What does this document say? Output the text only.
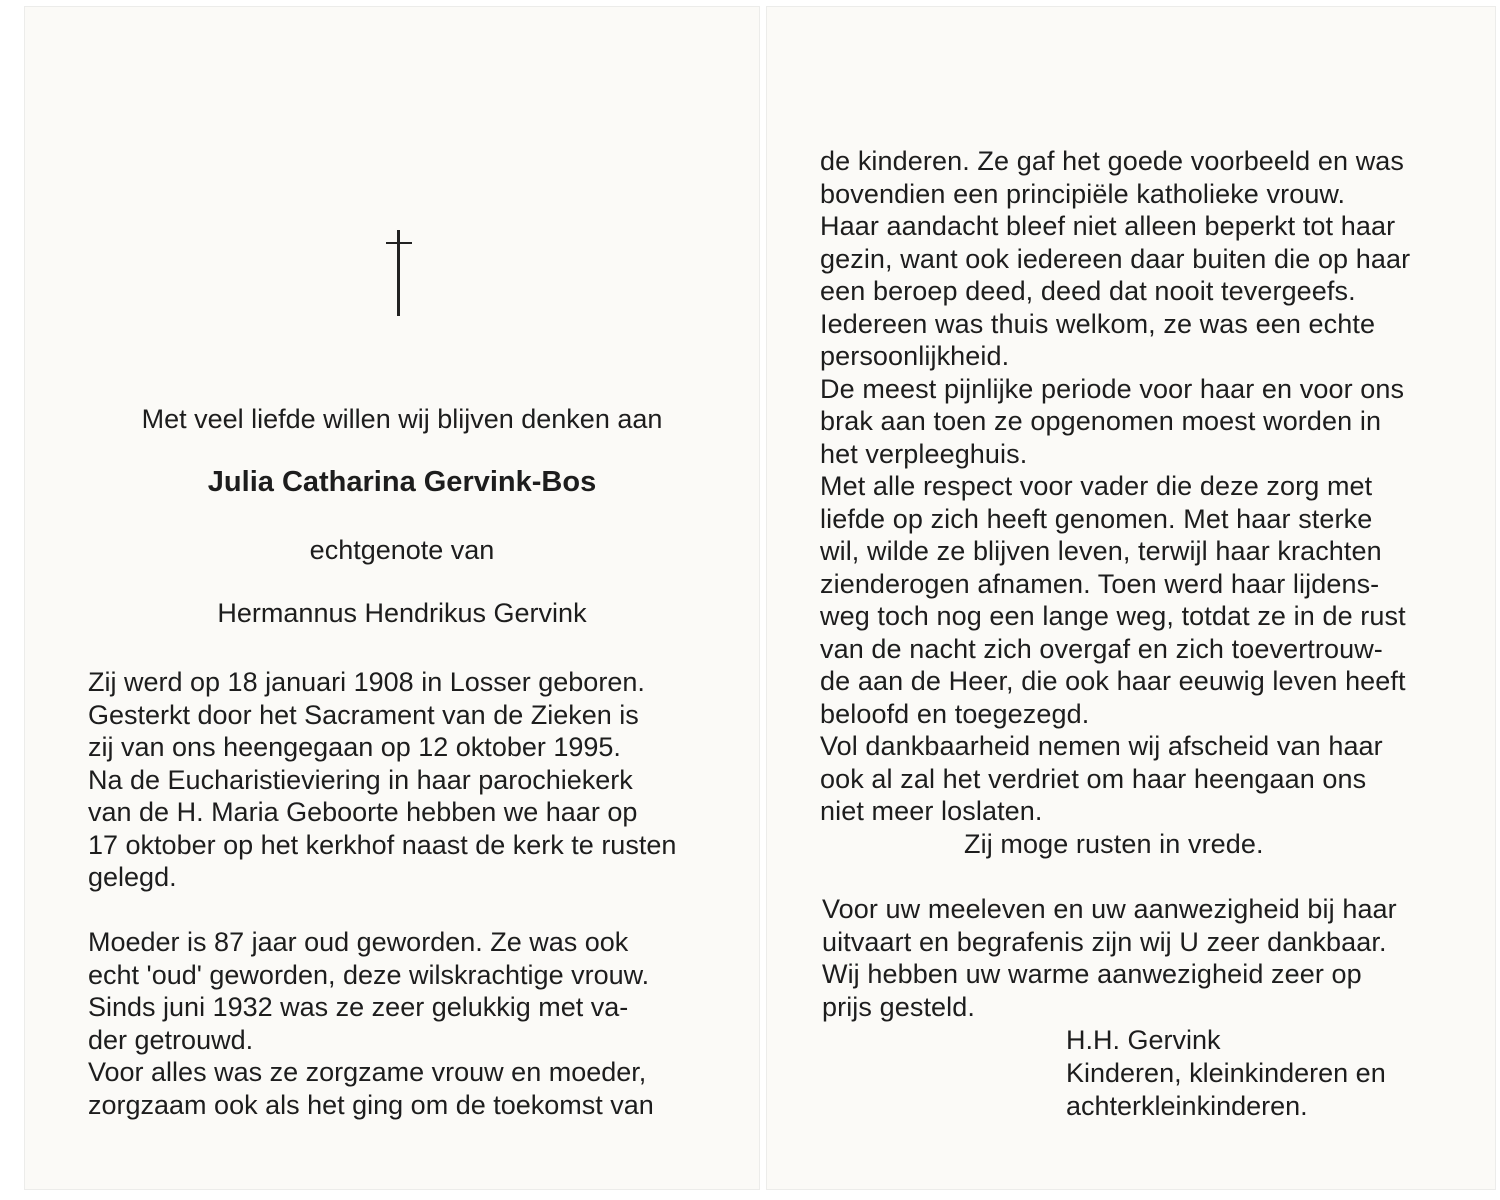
Met veel liefde willen wij blijven denken aan
Julia Catharina Gervink-Bos
echtgenote van
Hermannus Hendrikus Gervink
Zij werd op 18 januari 1908 in Losser geboren.
Gesterkt door het Sacrament van de Zieken is
zij van ons heengegaan op 12 oktober 1995.
Na de Eucharistieviering in haar parochiekerk
van de H. Maria Geboorte hebben we haar op
17 oktober op het kerkhof naast de kerk te rusten
gelegd.
Moeder is 87 jaar oud geworden. Ze was ook
echt 'oud' geworden, deze wilskrachtige vrouw.
Sinds juni 1932 was ze zeer gelukkig met va-
der getrouwd.
Voor alles was ze zorgzame vrouw en moeder,
zorgzaam ook als het ging om de toekomst van
de kinderen. Ze gaf het goede voorbeeld en was
bovendien een principiële katholieke vrouw.
Haar aandacht bleef niet alleen beperkt tot haar
gezin, want ook iedereen daar buiten die op haar
een beroep deed, deed dat nooit tevergeefs.
Iedereen was thuis welkom, ze was een echte
persoonlijkheid.
De meest pijnlijke periode voor haar en voor ons
brak aan toen ze opgenomen moest worden in
het verpleeghuis.
Met alle respect voor vader die deze zorg met
liefde op zich heeft genomen. Met haar sterke
wil, wilde ze blijven leven, terwijl haar krachten
zienderogen afnamen. Toen werd haar lijdens-
weg toch nog een lange weg, totdat ze in de rust
van de nacht zich overgaf en zich toevertrouw-
de aan de Heer, die ook haar eeuwig leven heeft
beloofd en toegezegd.
Vol dankbaarheid nemen wij afscheid van haar
ook al zal het verdriet om haar heengaan ons
niet meer loslaten.
Zij moge rusten in vrede.
Voor uw meeleven en uw aanwezigheid bij haar
uitvaart en begrafenis zijn wij U zeer dankbaar.
Wij hebben uw warme aanwezigheid zeer op
prijs gesteld.
H.H. Gervink
Kinderen, kleinkinderen en
achterkleinkinderen.
